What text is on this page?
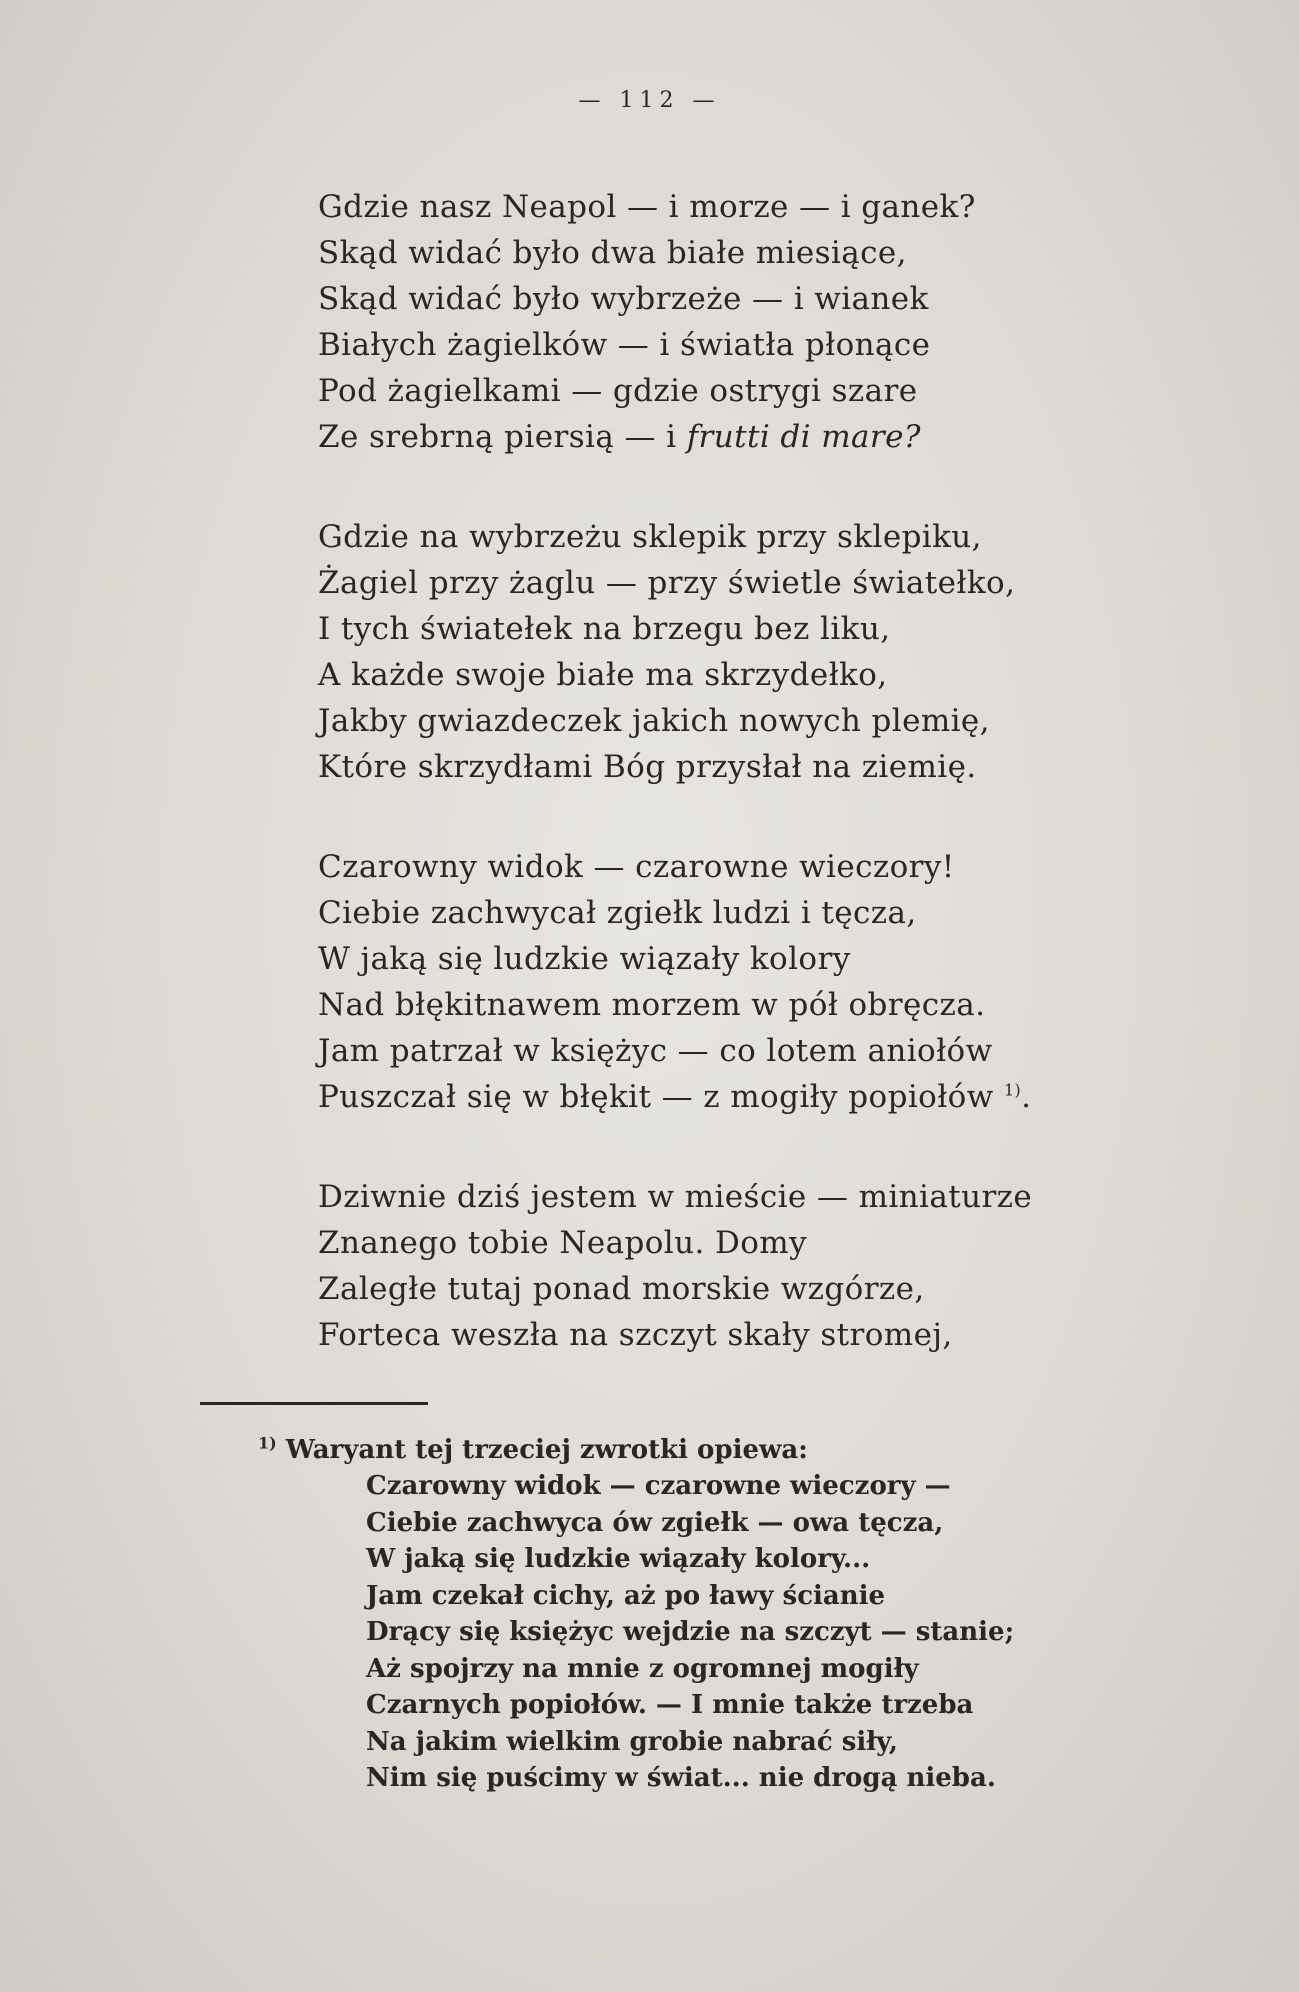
— 112 —
Gdzie nasz Neapol — i morze — i ganek?
Skąd widać było dwa białe miesiące,
Skąd widać było wybrzeże — i wianek
Białych żagielków — i światła płonące
Pod żagielkami — gdzie ostrygi szare
Ze srebrną piersią — i frutti di mare?
Gdzie na wybrzeżu sklepik przy sklepiku,
Żagiel przy żaglu — przy świetle światełko,
I tych światełek na brzegu bez liku,
A każde swoje białe ma skrzydełko,
Jakby gwiazdeczek jakich nowych plemię,
Które skrzydłami Bóg przysłał na ziemię.
Czarowny widok — czarowne wieczory!
Ciebie zachwycał zgiełk ludzi i tęcza,
W jaką się ludzkie wiązały kolory
Nad błękitnawem morzem w pół obręcza.
Jam patrzał w księżyc — co lotem aniołów
Puszczał się w błękit — z mogiły popiołów $^{1)}$.
Dziwnie dziś jestem w mieście — miniaturze
Znanego tobie Neapolu. Domy
Zaległe tutaj ponad morskie wzgórze,
Forteca weszła na szczyt skały stromej,
$^{1)}$ Waryant tej trzeciej zwrotki opiewa:
Czarowny widok — czarowne wieczory —
Ciebie zachwyca ów zgiełk — owa tęcza,
W jaką się ludzkie wiązały kolory...
Jam czekał cichy, aż po ławy ścianie
Drący się księżyc wejdzie na szczyt — stanie;
Aż spojrzy na mnie z ogromnej mogiły
Czarnych popiołów. — I mnie także trzeba
Na jakim wielkim grobie nabrać siły,
Nim się puścimy w świat... nie drogą nieba.
